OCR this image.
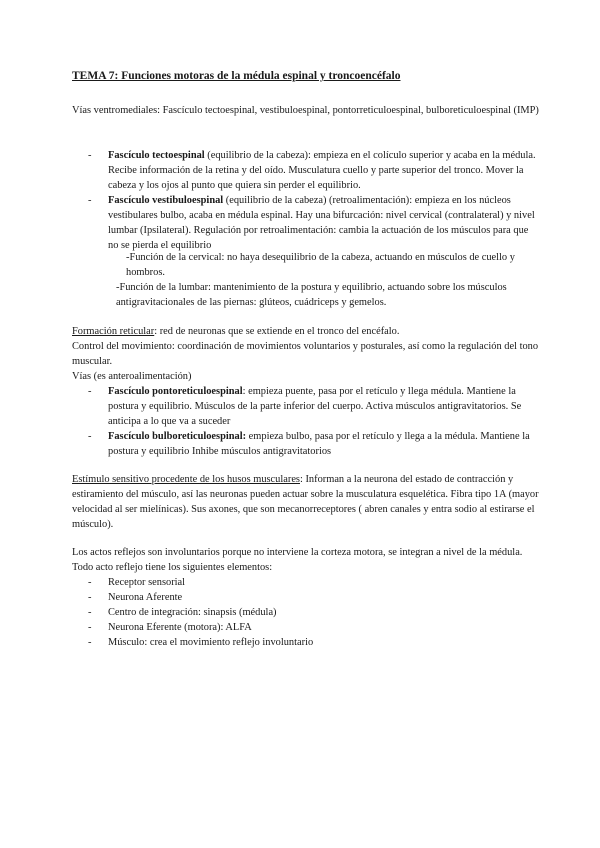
TEMA 7: Funciones motoras de la médula espinal y troncoencéfalo
Vías ventromediales: Fascículo tectoespinal, vestibuloespinal, pontorreticuloespinal, bulboreticuloespinal (IMP)
- Fascículo tectoespinal (equilibrio de la cabeza): empieza en el colículo superior y acaba en la médula. Recibe información de la retina y del oído. Musculatura cuello y parte superior del tronco. Mover la cabeza y los ojos al punto que quiera sin perder el equilibrio.
- Fascículo vestibuloespinal (equilibrio de la cabeza) (retroalimentación): empieza en los núcleos vestibulares bulbo, acaba en médula espinal. Hay una bifurcación: nivel cervical (contralateral) y nivel lumbar (Ipsilateral). Regulación por retroalimentación: cambia la actuación de los músculos para que no se pierda el equilibrio
-Función de la cervical: no haya desequilibrio de la cabeza, actuando en músculos de cuello y hombros.
-Función de la lumbar: mantenimiento de la postura y equilibrio, actuando sobre los músculos antigravitacionales de las piernas: glúteos, cuádriceps y gemelos.
Formación reticular: red de neuronas que se extiende en el tronco del encéfalo.
Control del movimiento: coordinación de movimientos voluntarios y posturales, así como la regulación del tono muscular.
Vías (es anteroalimentación)
- Fascículo pontoreticuloespinal: empieza puente, pasa por el retículo y llega médula. Mantiene la postura y equilibrio. Músculos de la parte inferior del cuerpo. Activa músculos antigravitatorios. Se anticipa a lo que va a suceder
- Fascículo bulboreticuloespinal: empieza bulbo, pasa por el retículo y llega a la médula. Mantiene la postura y equilibrio Inhibe músculos antigravitatorios
Estímulo sensitivo procedente de los husos musculares: Informan a la neurona del estado de contracción y estiramiento del músculo, así las neuronas pueden actuar sobre la musculatura esquelética. Fibra tipo 1A (mayor velocidad al ser mielínicas). Sus axones, que son mecanorreceptores ( abren canales y entra sodio al estirarse el músculo).
Los actos reflejos son involuntarios porque no interviene la corteza motora, se integran a nivel de la médula. Todo acto reflejo tiene los siguientes elementos:
- Receptor sensorial
- Neurona Aferente
- Centro de integración: sinapsis (médula)
- Neurona Eferente (motora): ALFA
- Músculo: crea el movimiento reflejo involuntario
